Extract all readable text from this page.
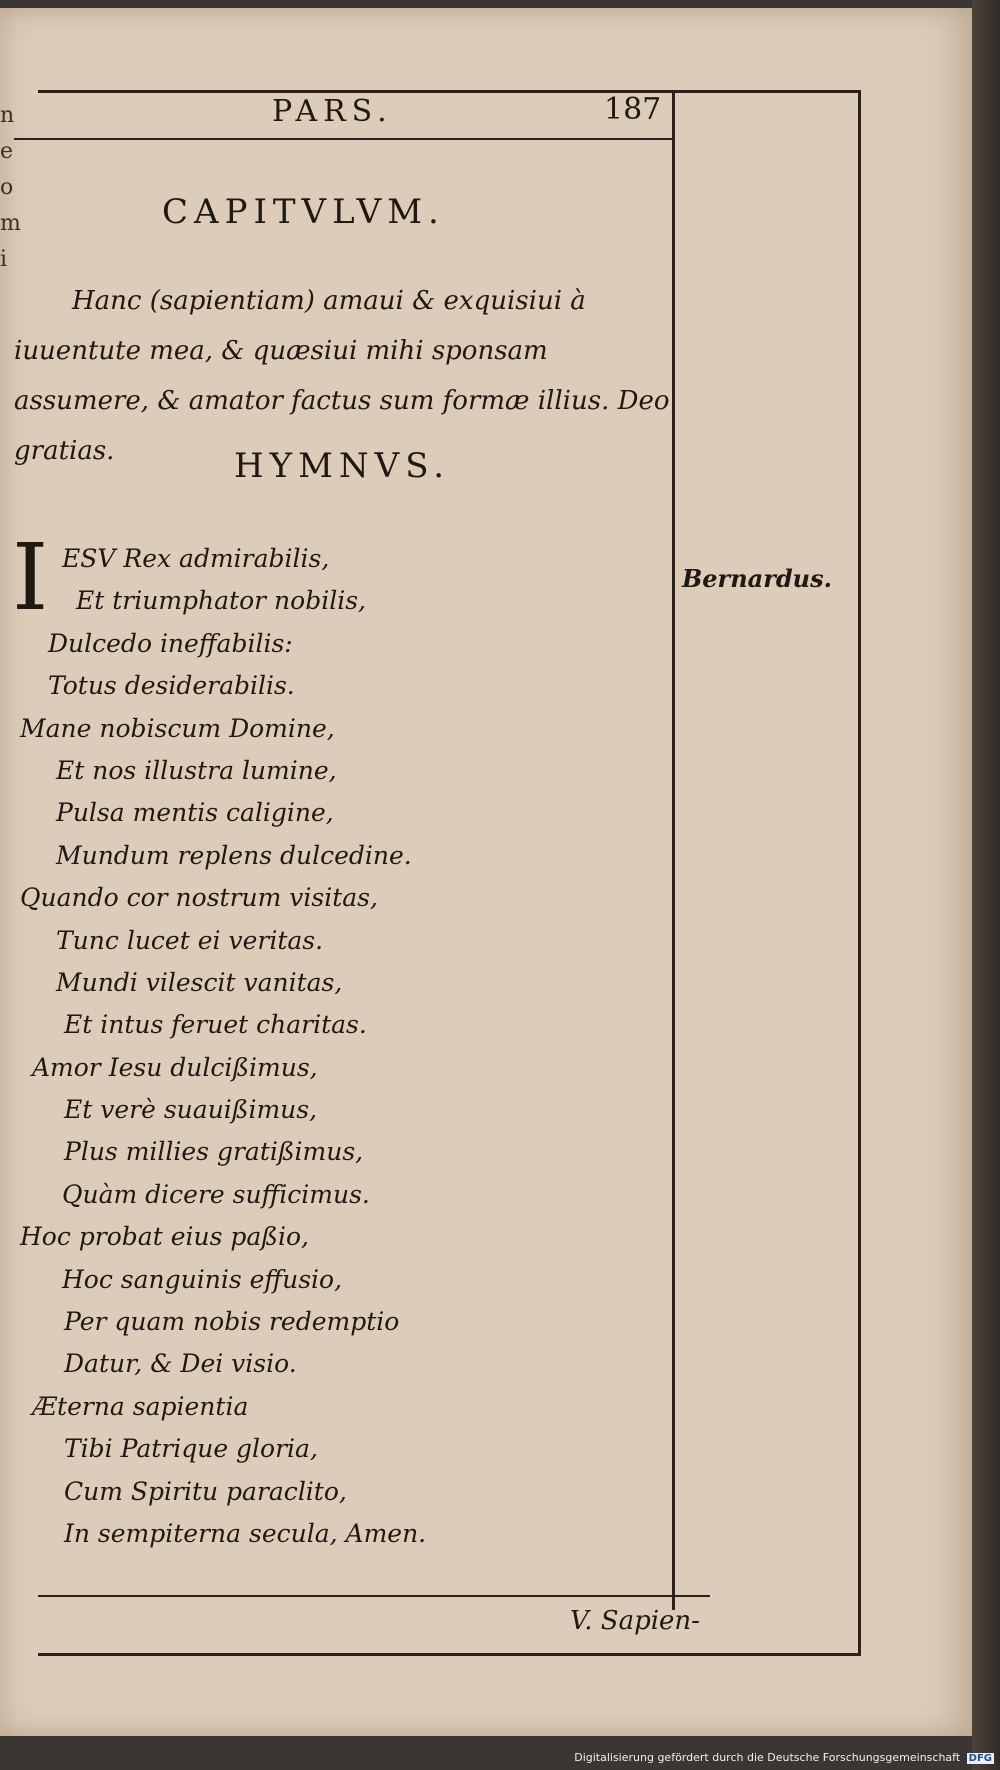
n
e
o
m
i
PARS.	187
CAPITVLVM.
Hanc (sapientiam) amaui & exquisiui à iuuentute mea, & quæsiui mihi sponsam assumere, & amator factus sum formæ illius. Deo gratias.	HYMNVS.
I ESV Rex admirabilis,
Et triumphator nobilis,
Dulcedo ineffabilis:
Totus desiderabilis.
Mane nobiscum Domine,
Et nos illustra lumine,
Pulsa mentis caligine,
Mundum replens dulcedine.
Quando cor nostrum visitas,
Tunc lucet ei veritas.
Mundi vilescit vanitas,
Et intus feruet charitas.
Amor Iesu dulcißimus,
Et verè suauißimus,
Plus millies gratißimus,
Quàm dicere sufficimus.
Hoc probat eius paßio,
Hoc sanguinis effusio,
Per quam nobis redemptio
Datur, & Dei visio.
Æterna sapientia
Tibi Patrique gloria,
Cum Spiritu paraclito,
In sempiterna secula, Amen.
Bernardus.
V. Sapien-
Digitalisierung gefördert durch die Deutsche Forschungsgemeinschaft DFG
